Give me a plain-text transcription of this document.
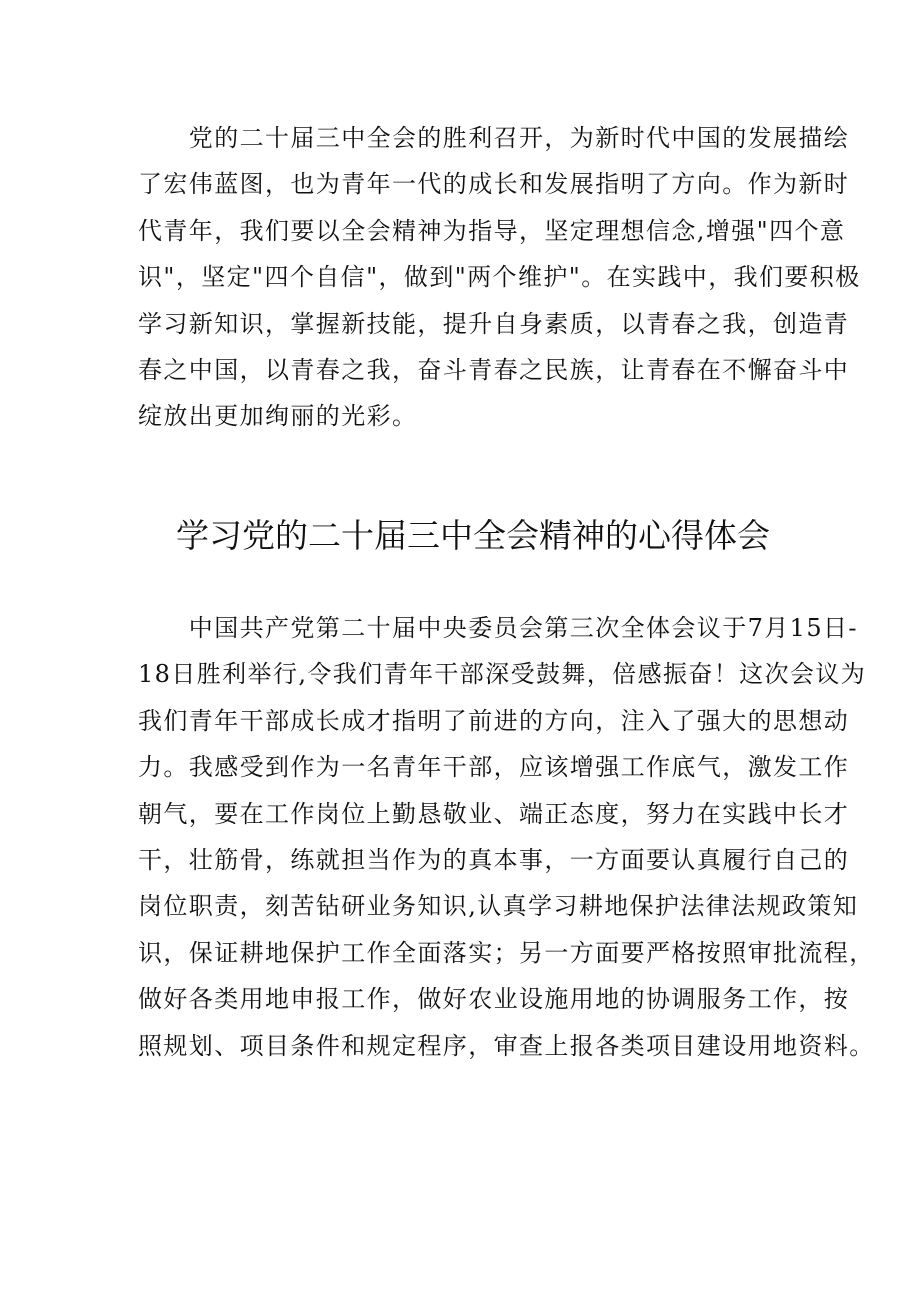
　　党的二十届三中全会的胜利召开，为新时代中国的发展描绘
了宏伟蓝图，也为青年一代的成长和发展指明了方向。作为新时
代青年，我们要以全会精神为指导，坚定理想信念,增强"四个意
识"，坚定"四个自信"，做到"两个维护"。在实践中，我们要积极
学习新知识，掌握新技能，提升自身素质，以青春之我，创造青
春之中国，以青春之我，奋斗青春之民族，让青春在不懈奋斗中
绽放出更加绚丽的光彩。
学习党的二十届三中全会精神的心得体会
　　中国共产党第二十届中央委员会第三次全体会议于7月15日-
18日胜利举行,令我们青年干部深受鼓舞，倍感振奋！这次会议为
我们青年干部成长成才指明了前进的方向，注入了强大的思想动
力。我感受到作为一名青年干部，应该增强工作底气，激发工作
朝气，要在工作岗位上勤恳敬业、端正态度，努力在实践中长才
干，壮筋骨，练就担当作为的真本事，一方面要认真履行自己的
岗位职责，刻苦钻研业务知识,认真学习耕地保护法律法规政策知
识，保证耕地保护工作全面落实；另一方面要严格按照审批流程，
做好各类用地申报工作，做好农业设施用地的协调服务工作，按
照规划、项目条件和规定程序，审查上报各类项目建设用地资料。
